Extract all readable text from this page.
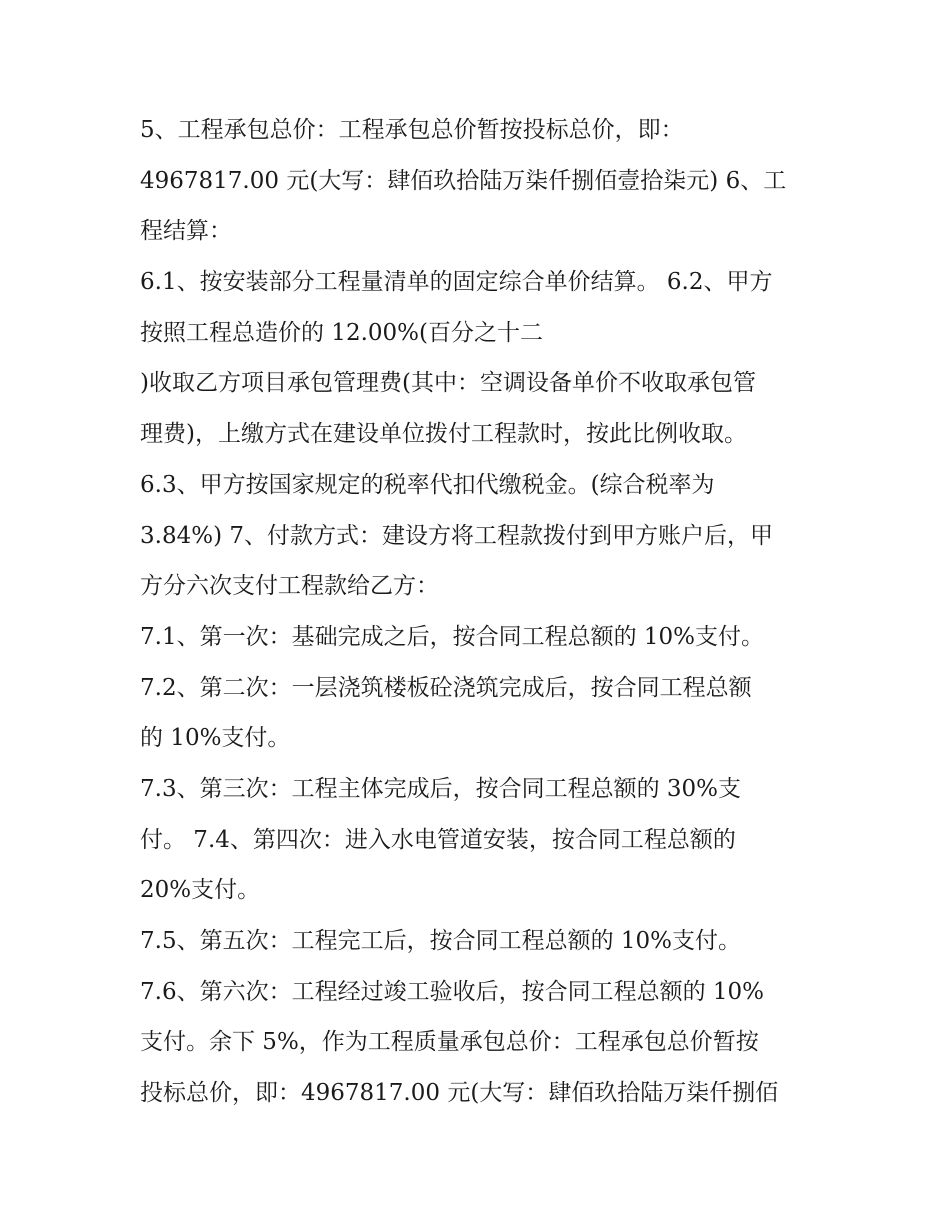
5、工程承包总价：工程承包总价暂按投标总价，即：
4967817.00 元(大写：肆佰玖拾陆万柒仟捌佰壹拾柒元) 6、工
程结算：
6.1、按安装部分工程量清单的固定综合单价结算。 6.2、甲方
按照工程总造价的 12.00%(百分之十二
)收取乙方项目承包管理费(其中：空调设备单价不收取承包管
理费)，上缴方式在建设单位拨付工程款时，按此比例收取。
6.3、甲方按国家规定的税率代扣代缴税金。(综合税率为
3.84%) 7、付款方式：建设方将工程款拨付到甲方账户后，甲
方分六次支付工程款给乙方：
7.1、第一次：基础完成之后，按合同工程总额的 10%支付。
7.2、第二次：一层浇筑楼板砼浇筑完成后，按合同工程总额
的 10%支付。
7.3、第三次：工程主体完成后，按合同工程总额的 30%支
付。 7.4、第四次：进入水电管道安装，按合同工程总额的
20%支付。
7.5、第五次：工程完工后，按合同工程总额的 10%支付。
7.6、第六次：工程经过竣工验收后，按合同工程总额的 10%
支付。余下 5%，作为工程质量承包总价：工程承包总价暂按
投标总价，即：4967817.00 元(大写：肆佰玖拾陆万柒仟捌佰
